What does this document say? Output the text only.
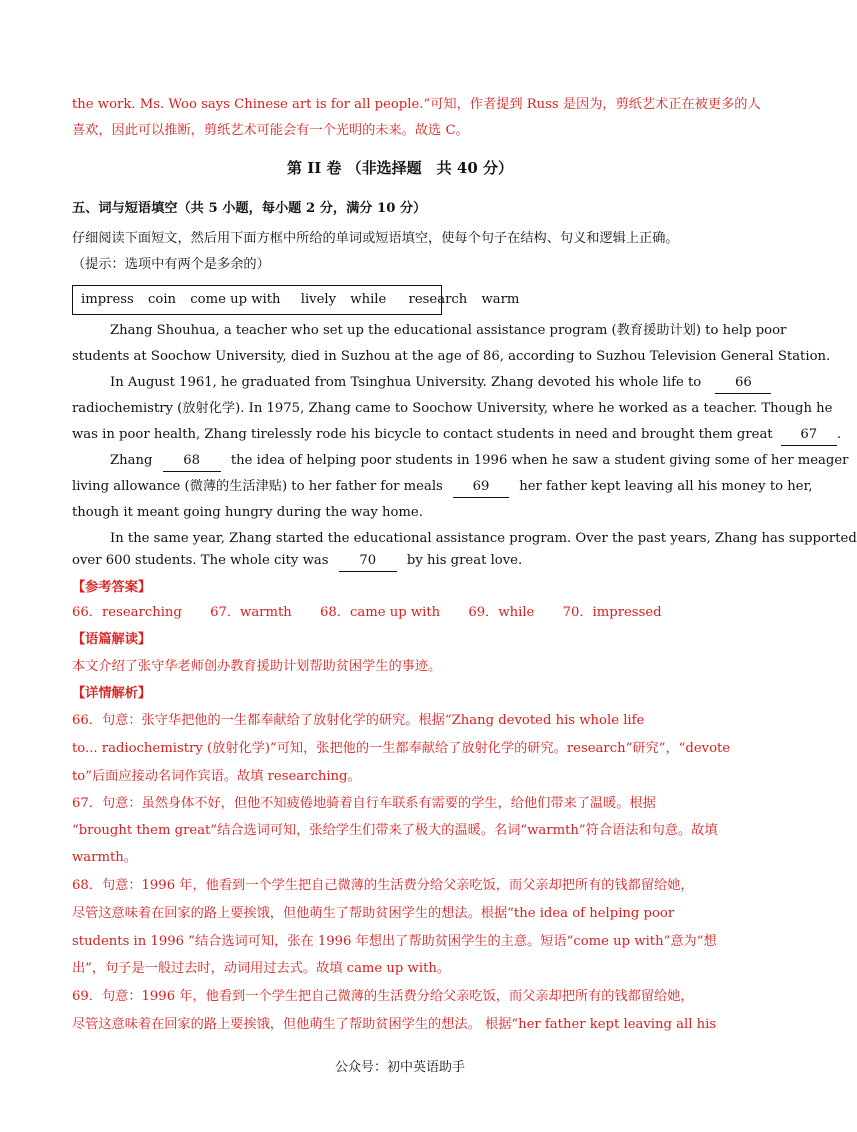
the work. Ms. Woo says Chinese art is for all people.”可知，作者提到 Russ 是因为，剪纸艺术正在被更多的人
喜欢，因此可以推断，剪纸艺术可能会有一个光明的未来。故选 C。
第 II 卷 （非选择题　共 40 分）
五、词与短语填空（共 5 小题，每小题 2 分，满分 10 分）
仔细阅读下面短文，然后用下面方框中所给的单词或短语填空，使每个句子在结构、句义和逻辑上正确。
（提示：选项中有两个是多余的）
impress coin come up with lively while research warm
Zhang Shouhua, a teacher who set up the educational assistance program (教育援助计划) to help poor
students at Soochow University, died in Suzhou at the age of 86, according to Suzhou Television General Station.
In August 1961, he graduated from Tsinghua University. Zhang devoted his whole life to	66
radiochemistry (放射化学). In 1975, Zhang came to Soochow University, where he worked as a teacher. Though he
was in poor health, Zhang tirelessly rode his bicycle to contact students in need and brought them great 67 .
Zhang 68 the idea of helping poor students in 1996 when he saw a student giving some of her meager
living allowance (微薄的生活津贴) to her father for meals 69 her father kept leaving all his money to her,
though it meant going hungry during the way home.
In the same year, Zhang started the educational assistance program. Over the past years, Zhang has supported
over 600 students. The whole city was 70 by his great love.
【参考答案】
66．researching 67．warmth 68．came up with 69．while 70．impressed
【语篇解读】
本文介绍了张守华老师创办教育援助计划帮助贫困学生的事迹。
【详情解析】
66．句意：张守华把他的一生都奉献给了放射化学的研究。根据“Zhang devoted his whole life
to... radiochemistry (放射化学)”可知，张把他的一生都奉献给了放射化学的研究。research“研究”，“devote
to”后面应接动名词作宾语。故填 researching。
67．句意：虽然身体不好，但他不知疲倦地骑着自行车联系有需要的学生，给他们带来了温暖。根据
“brought them great”结合选词可知，张给学生们带来了极大的温暖。名词“warmth”符合语法和句意。故填
warmth。
68．句意：1996 年，他看到一个学生把自己微薄的生活费分给父亲吃饭，而父亲却把所有的钱都留给她，
尽管这意味着在回家的路上要挨饿，但他萌生了帮助贫困学生的想法。根据“the idea of helping poor
students in 1996 ”结合选词可知，张在 1996 年想出了帮助贫困学生的主意。短语“come up with”意为“想
出”，句子是一般过去时，动词用过去式。故填 came up with。
69．句意：1996 年，他看到一个学生把自己微薄的生活费分给父亲吃饭，而父亲却把所有的钱都留给她，
尽管这意味着在回家的路上要挨饿，但他萌生了帮助贫困学生的想法。 根据“her father kept leaving all his
公众号：初中英语助手
